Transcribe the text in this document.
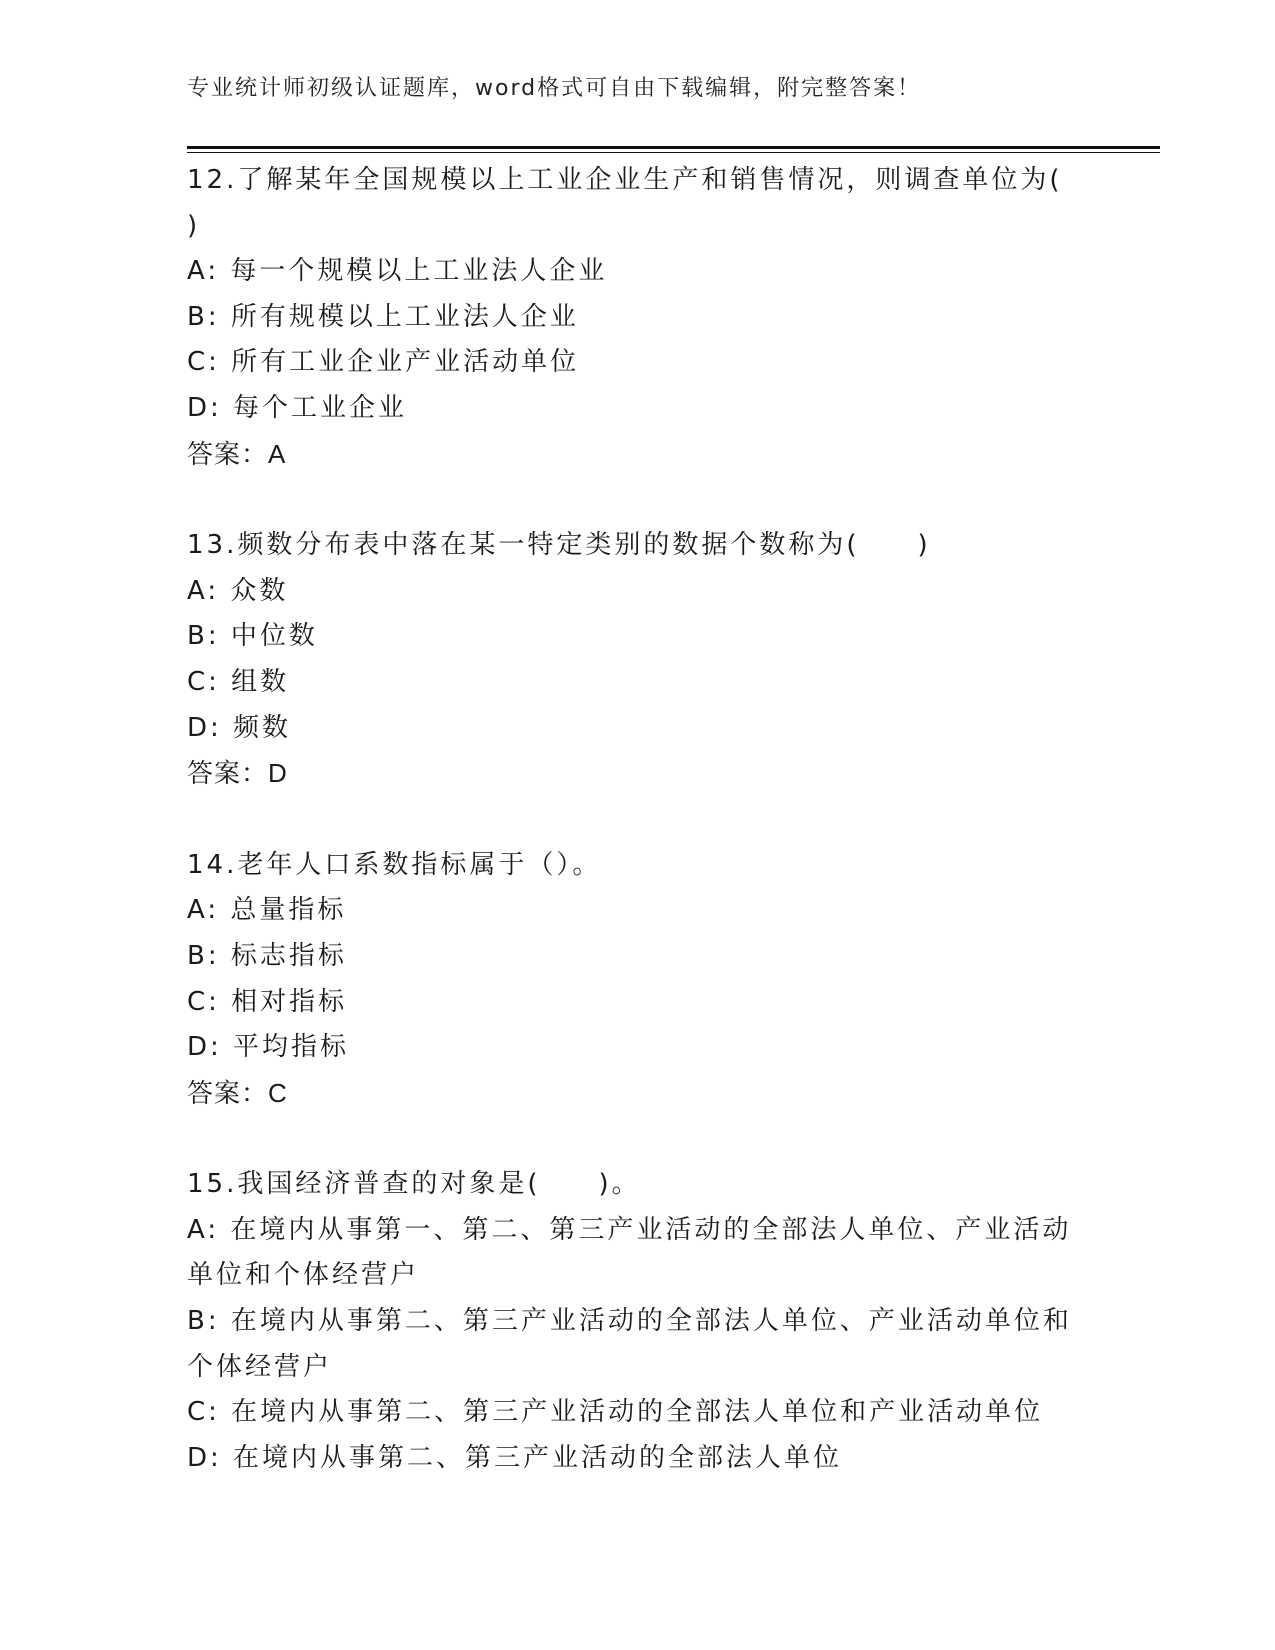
专业统计师初级认证题库，word格式可自由下载编辑，附完整答案！
12.了解某年全国规模以上工业企业生产和销售情况，则调查单位为(
)
A: 每一个规模以上工业法人企业
B: 所有规模以上工业法人企业
C: 所有工业企业产业活动单位
D: 每个工业企业
答案：A
13.频数分布表中落在某一特定类别的数据个数称为(　　)
A: 众数
B: 中位数
C: 组数
D: 频数
答案：D
14.老年人口系数指标属于（）。
A: 总量指标
B: 标志指标
C: 相对指标
D: 平均指标
答案：C
15.我国经济普查的对象是(　　)。
A: 在境内从事第一、第二、第三产业活动的全部法人单位、产业活动
单位和个体经营户
B: 在境内从事第二、第三产业活动的全部法人单位、产业活动单位和
个体经营户
C: 在境内从事第二、第三产业活动的全部法人单位和产业活动单位
D: 在境内从事第二、第三产业活动的全部法人单位
